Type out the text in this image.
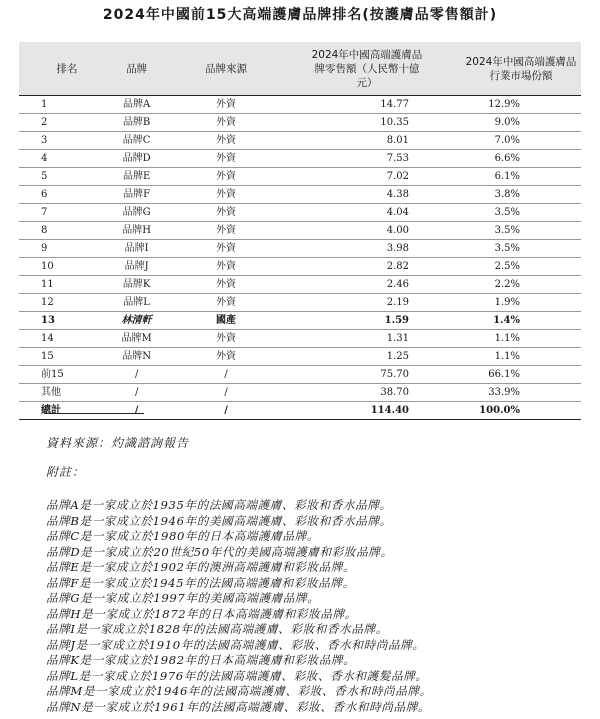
2024年中國前15大高端護膚品牌排名(按護膚品零售額計)
排名	品牌	品牌來源	2024年中國高端護膚品牌零售額（人民幣十億元）	2024年中國高端護膚品行業市場份額
1	品牌A	外資	14.77	12.9%
2	品牌B	外資	10.35	9.0%
3	品牌C	外資	8.01	7.0%
4	品牌D	外資	7.53	6.6%
5	品牌E	外資	7.02	6.1%
6	品牌F	外資	4.38	3.8%
7	品牌G	外資	4.04	3.5%
8	品牌H	外資	4.00	3.5%
9	品牌I	外資	3.98	3.5%
10	品牌J	外資	2.82	2.5%
11	品牌K	外資	2.46	2.2%
12	品牌L	外資	2.19	1.9%
13	林清軒	國產	1.59	1.4%
14	品牌M	外資	1.31	1.1%
15	品牌N	外資	1.25	1.1%
前15	/	/	75.70	66.1%
其他	/	/	38.70	33.9%
總計	/	/	114.40	100.0%
資料來源：灼識諮詢報告
附註：
品牌A是一家成立於1935年的法國高端護膚、彩妝和香水品牌。
品牌B是一家成立於1946年的美國高端護膚、彩妝和香水品牌。
品牌C是一家成立於1980年的日本高端護膚品牌。
品牌D是一家成立於20世紀50年代的美國高端護膚和彩妝品牌。
品牌E是一家成立於1902年的澳洲高端護膚和彩妝品牌。
品牌F是一家成立於1945年的法國高端護膚和彩妝品牌。
品牌G是一家成立於1997年的美國高端護膚品牌。
品牌H是一家成立於1872年的日本高端護膚和彩妝品牌。
品牌I是一家成立於1828年的法國高端護膚、彩妝和香水品牌。
品牌J是一家成立於1910年的法國高端護膚、彩妝、香水和時尚品牌。
品牌K是一家成立於1982年的日本高端護膚和彩妝品牌。
品牌L是一家成立於1976年的法國高端護膚、彩妝、香水和護髮品牌。
品牌M是一家成立於1946年的法國高端護膚、彩妝、香水和時尚品牌。
品牌N是一家成立於1961年的法國高端護膚、彩妝、香水和時尚品牌。
